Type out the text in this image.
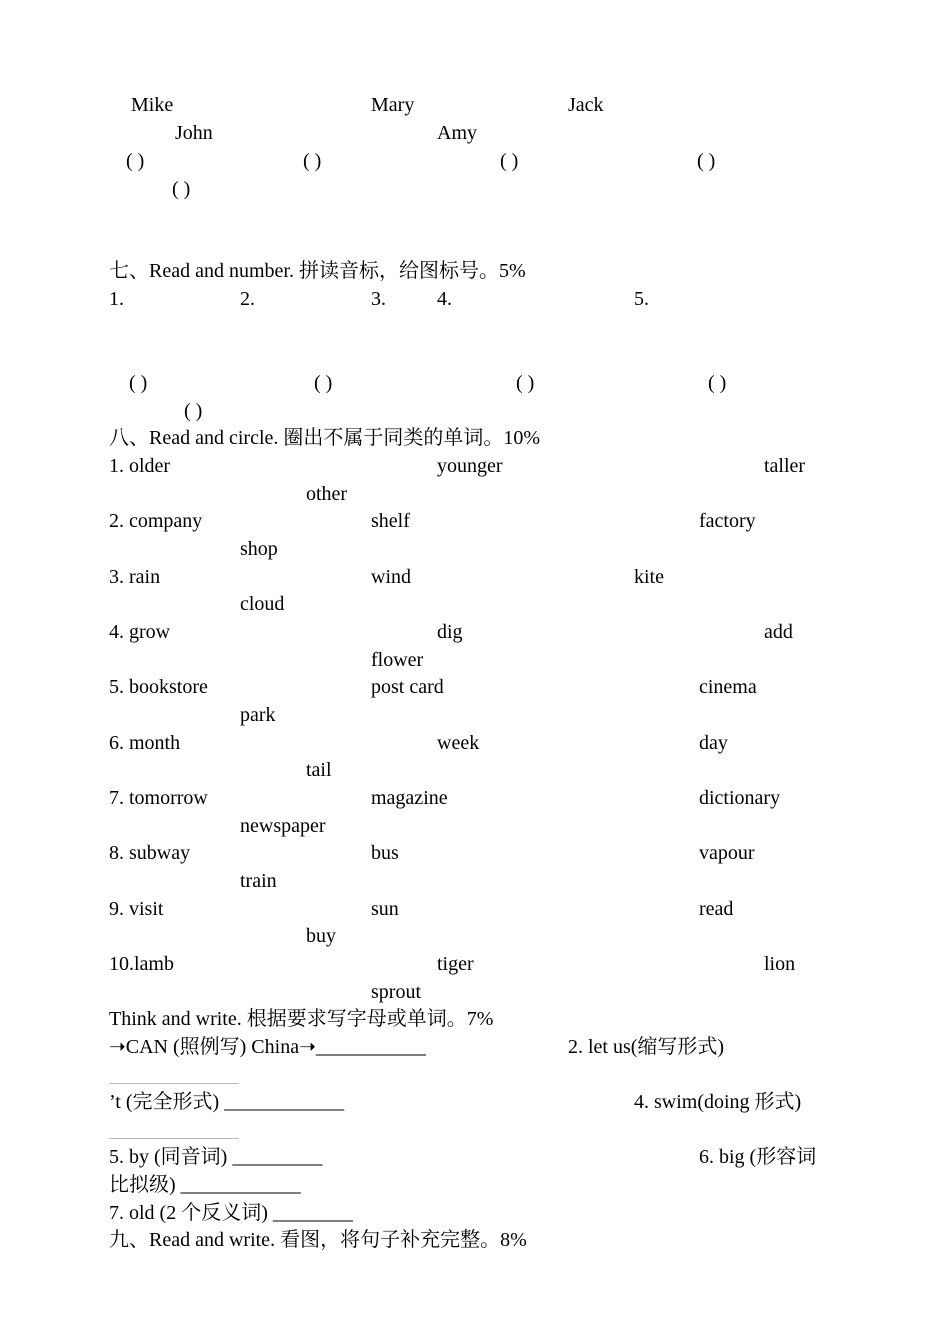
Mike	Mary	Jack
John	Amy
( )	( )	( )	( )
( )
七、Read and number. 拼读音标，给图标号。5%
1.	2.	3.	4.	5.
( )	( )	( )	( )
( )
八、Read and circle. 圈出不属于同类的单词。10%
1. older	younger	taller
other
2. company	shelf	factory
shop
3. rain	wind	kite
cloud
4. grow	dig	add
flower
5. bookstore	post card	cinema
park
6. month	week	day
tail
7. tomorrow	magazine	dictionary
newspaper
8. subway	bus	vapour
train
9. visit	sun	read
buy
10.lamb	tiger	lion
sprout
Think and write. 根据要求写字母或单词。7%
➝CAN (照例写) China➝___________	2. let us(缩写形式)
’t (完全形式) ____________	4. swim(doing 形式)
5. by (同音词) _________	6. big (形容词
比拟级) ____________
7. old (2 个反义词) ________
九、Read and write. 看图，将句子补充完整。8%
